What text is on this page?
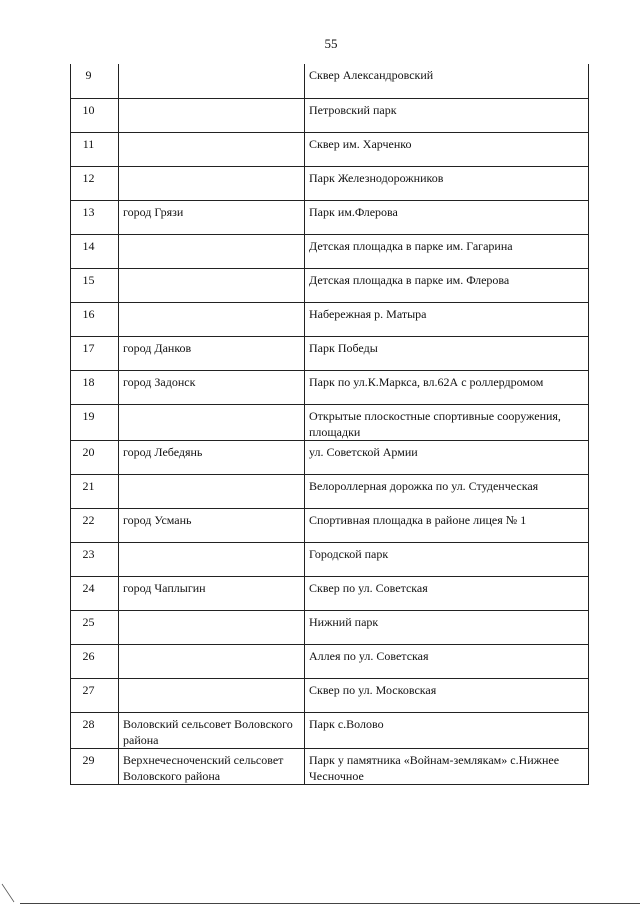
55
9		Сквер Александровский
10		Петровский парк
11		Сквер им. Харченко
12		Парк Железнодорожников
13	город Грязи	Парк им.Флерова
14		Детская площадка в парке им. Гагарина
15		Детская площадка в парке им. Флерова
16		Набережная р. Матыра
17	город Данков	Парк Победы
18	город Задонск	Парк по ул.К.Маркса, вл.62А с роллердромом
19		Открытые плоскостные спортивные сооружения, площадки
20	город Лебедянь	ул. Советской Армии
21		Велороллерная дорожка по ул. Студенческая
22	город Усмань	Спортивная площадка в районе лицея № 1
23		Городской парк
24	город Чаплыгин	Сквер по ул. Советская
25		Нижний парк
26		Аллея по ул. Советская
27		Сквер по ул. Московская
28	Воловский сельсовет Воловского района	Парк с.Волово
29	Верхнечесноченский сельсовет Воловского района	Парк у памятника «Войнам-землякам» с.Нижнее Чесночное
